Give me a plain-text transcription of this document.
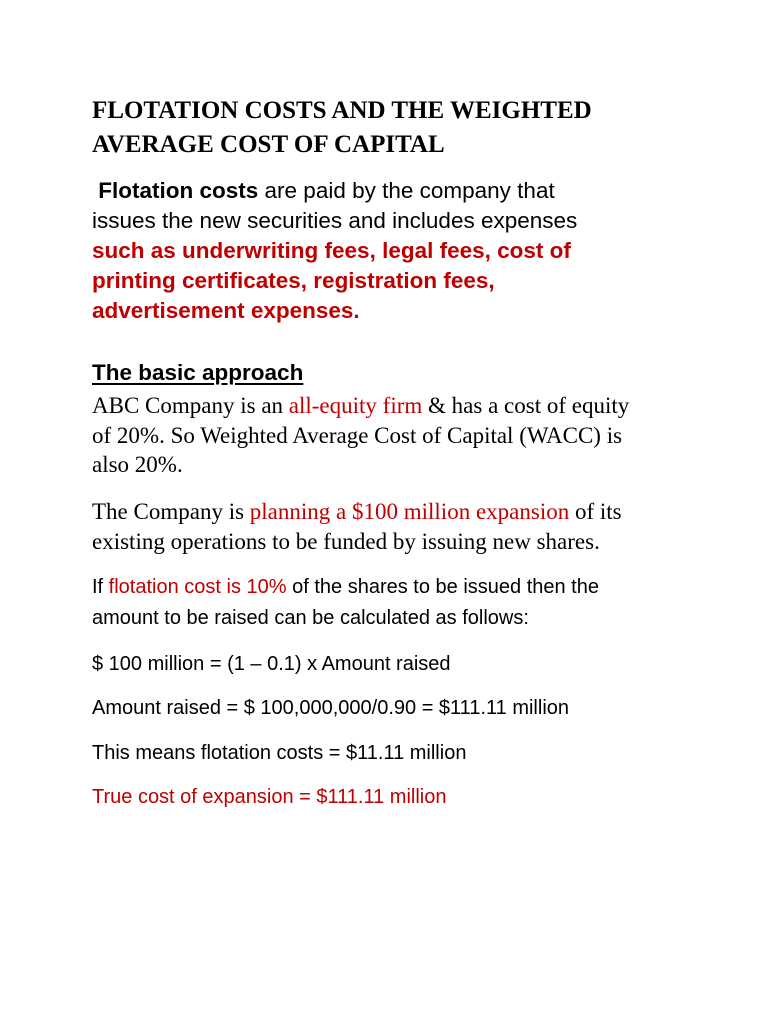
FLOTATION COSTS AND THE WEIGHTED
AVERAGE COST OF CAPITAL

Flotation costs are paid by the company that
issues the new securities and includes expenses
such as underwriting fees, legal fees, cost of
printing certificates, registration fees,
advertisement expenses.

The basic approach

ABC Company is an all-equity firm & has a cost of equity
of 20%. So Weighted Average Cost of Capital (WACC) is
also 20%.

The Company is planning a $100 million expansion of its
existing operations to be funded by issuing new shares.

If flotation cost is 10% of the shares to be issued then the
amount to be raised can be calculated as follows:

$ 100 million = (1 – 0.1) x Amount raised

Amount raised = $ 100,000,000/0.90 = $111.11 million

This means flotation costs = $11.11 million

True cost of expansion = $111.11 million
